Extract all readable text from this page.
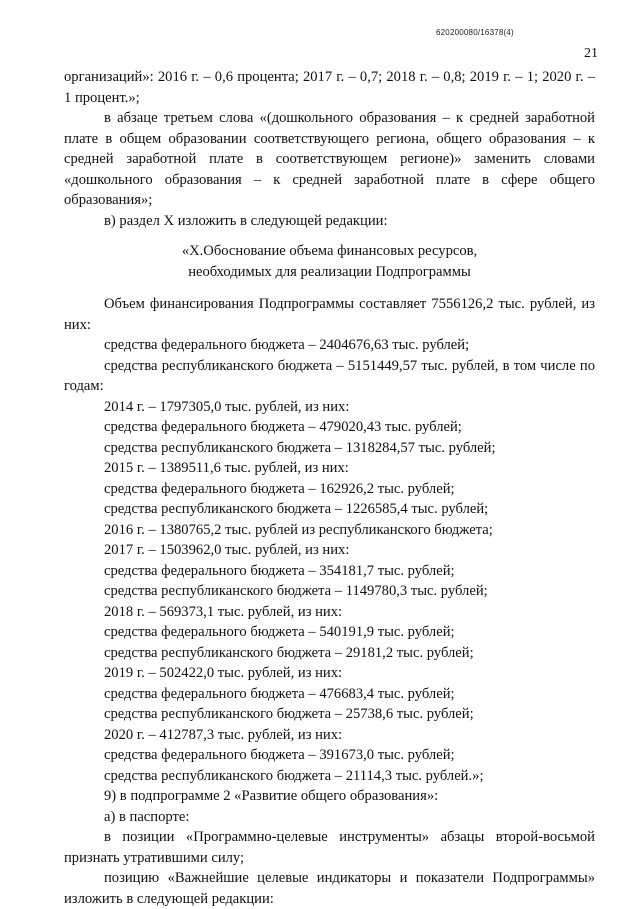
620200080/16378(4)
21

организаций»: 2016 г. – 0,6 процента; 2017 г. – 0,7; 2018 г. – 0,8; 2019 г. – 1; 2020 г. – 1 процент.»;

в абзаце третьем слова «(дошкольного образования – к средней заработной плате в общем образовании соответствующего региона, общего образования – к средней заработной плате в соответствующем регионе)» заменить словами «дошкольного образования – к средней заработной плате в сфере общего образования»;

в) раздел X изложить в следующей редакции:

«X.Обоснование объема финансовых ресурсов,
необходимых для реализации Подпрограммы

Объем финансирования Подпрограммы составляет 7556126,2 тыс. рублей, из них:

средства федерального бюджета – 2404676,63 тыс. рублей;

средства республиканского бюджета – 5151449,57 тыс. рублей, в том числе по годам:

2014 г. – 1797305,0 тыс. рублей, из них:

средства федерального бюджета – 479020,43 тыс. рублей;

средства республиканского бюджета – 1318284,57 тыс. рублей;

2015 г. – 1389511,6 тыс. рублей, из них:

средства федерального бюджета – 162926,2 тыс. рублей;

средства республиканского бюджета – 1226585,4 тыс. рублей;

2016 г. – 1380765,2 тыс. рублей из республиканского бюджета;

2017 г. – 1503962,0 тыс. рублей, из них:

средства федерального бюджета – 354181,7 тыс. рублей;

средства республиканского бюджета – 1149780,3 тыс. рублей;

2018 г. – 569373,1 тыс. рублей, из них:

средства федерального бюджета – 540191,9 тыс. рублей;

средства республиканского бюджета – 29181,2 тыс. рублей;

2019 г. – 502422,0 тыс. рублей, из них:

средства федерального бюджета – 476683,4 тыс. рублей;

средства республиканского бюджета – 25738,6 тыс. рублей;

2020 г. – 412787,3 тыс. рублей, из них:

средства федерального бюджета – 391673,0 тыс. рублей;

средства республиканского бюджета – 21114,3 тыс. рублей.»;

9) в подпрограмме 2 «Развитие общего образования»:

а) в паспорте:

в позиции «Программно-целевые инструменты» абзацы второй-восьмой признать утратившими силу;

позицию «Важнейшие целевые индикаторы и показатели Подпрограммы» изложить в следующей редакции:
